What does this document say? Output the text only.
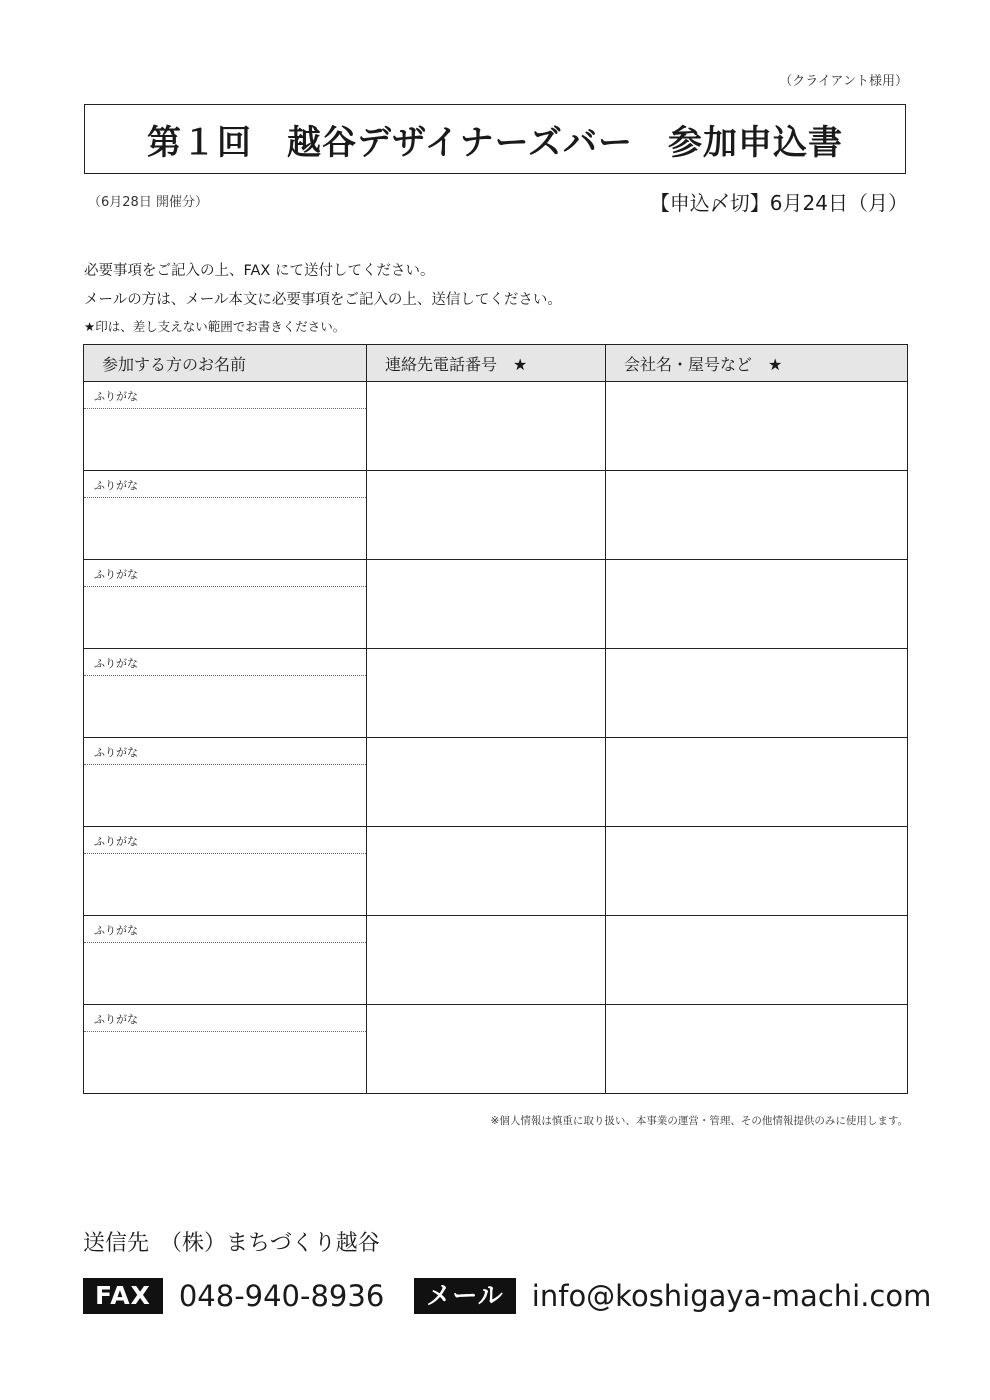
（クライアント様用）
第１回　越谷デザイナーズバー　参加申込書
（6月28日 開催分）	【申込〆切】6月24日（月）

必要事項をご記入の上、FAX にて送付してください。

メールの方は、メール本文に必要事項をご記入の上、送信してください。

★印は、差し支えない範囲でお書きください。

参加する方のお名前	連絡先電話番号　★	会社名・屋号など　★

ふりがな		

ふりがな		

ふりがな		

ふりがな		

ふりがな		

ふりがな		

ふりがな		

ふりがな		

※個人情報は慎重に取り扱い、本事業の運営・管理、その他情報提供のみに使用します。
送信先　（株）まちづくり越谷
FAX 048-940-8936	メール info@koshigaya-machi.com
